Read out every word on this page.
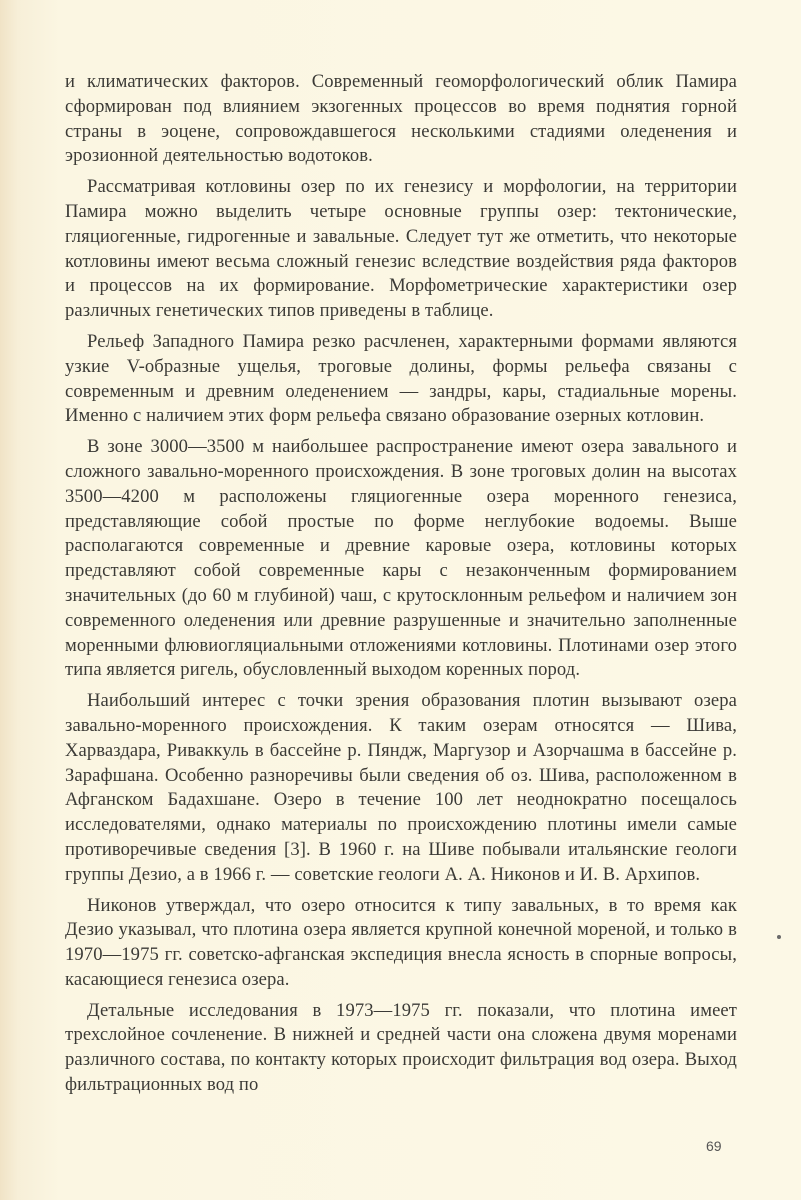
и климатических факторов. Современный геоморфологический облик Памира сформирован под влиянием экзогенных процессов во время поднятия горной страны в эоцене, сопровождавшегося несколькими стадиями оледенения и эрозионной деятельностью водотоков.

Рассматривая котловины озер по их генезису и морфологии, на территории Памира можно выделить четыре основные группы озер: тектонические, гляциогенные, гидрогенные и завальные. Следует тут же отметить, что некоторые котловины имеют весьма сложный генезис вследствие воздействия ряда факторов и процессов на их формирование. Морфометрические характеристики озер различных генетических типов приведены в таблице.

Рельеф Западного Памира резко расчленен, характерными формами являются узкие V-образные ущелья, троговые долины, формы рельефа связаны с современным и древним оледенением — зандры, кары, стадиальные морены. Именно с наличием этих форм рельефа связано образование озерных котловин.

В зоне 3000—3500 м наибольшее распространение имеют озера завального и сложного завально-моренного происхождения. В зоне троговых долин на высотах 3500—4200 м расположены гляциогенные озера моренного генезиса, представляющие собой простые по форме неглубокие водоемы. Выше располагаются современные и древние каровые озера, котловины которых представляют собой современные кары с незаконченным формированием значительных (до 60 м глубиной) чаш, с крутосклонным рельефом и наличием зон современного оледенения или древние разрушенные и значительно заполненные моренными флювиогляциальными отложениями котловины. Плотинами озер этого типа является ригель, обусловленный выходом коренных пород.

Наибольший интерес с точки зрения образования плотин вызывают озера завально-моренного происхождения. К таким озерам относятся — Шива, Харваздара, Риваккуль в бассейне р. Пяндж, Маргузор и Азорчашма в бассейне р. Зарафшана. Особенно разноречивы были сведения об оз. Шива, расположенном в Афганском Бадахшане. Озеро в течение 100 лет неоднократно посещалось исследователями, однако материалы по происхождению плотины имели самые противоречивые сведения [3]. В 1960 г. на Шиве побывали итальянские геологи группы Дезио, а в 1966 г. — советские геологи А. А. Никонов и И. В. Архипов.

Никонов утверждал, что озеро относится к типу завальных, в то время как Дезио указывал, что плотина озера является крупной конечной мореной, и только в 1970—1975 гг. советско-афганская экспедиция внесла ясность в спорные вопросы, касающиеся генезиса озера.

Детальные исследования в 1973—1975 гг. показали, что плотина имеет трехслойное сочленение. В нижней и средней части она сложена двумя моренами различного состава, по контакту которых происходит фильтрация вод озера. Выход фильтрационных вод по

69
